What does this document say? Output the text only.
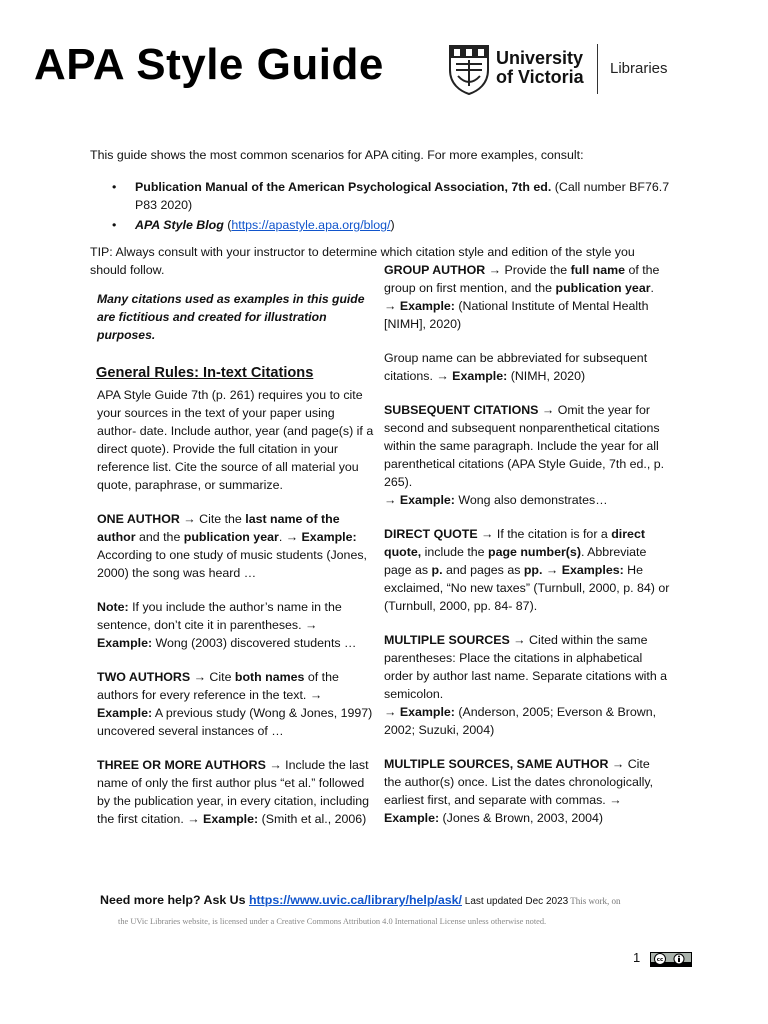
APA Style Guide	University
of Victoria Libraries
This guide shows the most common scenarios for APA citing. For more examples, consult:
• Publication Manual of the American Psychological Association, 7th ed. (Call number BF76.7 P83 2020)
• APA Style Blog (https://apastyle.apa.org/blog/)
TIP: Always consult with your instructor to determine which citation style and edition of the style you should follow.
Many citations used as examples in this guide are fictitious and created for illustration purposes.
General Rules: In-text Citations

APA Style Guide 7th (p. 261) requires you to cite your sources in the text of your paper using author- date. Include author, year (and page(s) if a direct quote). Provide the full citation in your reference list. Cite the source of all material you quote, paraphrase, or summarize.

ONE AUTHOR → Cite the last name of the author and the publication year. → Example: According to one study of music students (Jones, 2000) the song was heard …

Note: If you include the author’s name in the sentence, don’t cite it in parentheses. → Example: Wong (2003) discovered students …

TWO AUTHORS → Cite both names of the authors for every reference in the text. → Example: A previous study (Wong & Jones, 1997) uncovered several instances of …

THREE OR MORE AUTHORS → Include the last name of only the first author plus “et al.” followed by the publication year, in every citation, including the first citation. → Example: (Smith et al., 2006)

GROUP AUTHOR → Provide the full name of the group on first mention, and the publication year.
→ Example: (National Institute of Mental Health [NIMH], 2020)

Group name can be abbreviated for subsequent citations. → Example: (NIMH, 2020)

SUBSEQUENT CITATIONS → Omit the year for second and subsequent nonparenthetical citations within the same paragraph. Include the year for all parenthetical citations (APA Style Guide, 7th ed., p. 265).
→ Example: Wong also demonstrates…

DIRECT QUOTE → If the citation is for a direct quote, include the page number(s). Abbreviate page as p. and pages as pp. → Examples: He exclaimed, “No new taxes” (Turnbull, 2000, p. 84) or (Turnbull, 2000, pp. 84- 87).

MULTIPLE SOURCES → Cited within the same parentheses: Place the citations in alphabetical order by author last name. Separate citations with a semicolon.
→ Example: (Anderson, 2005; Everson & Brown, 2002; Suzuki, 2004)

MULTIPLE SOURCES, SAME AUTHOR → Cite the author(s) once. List the dates chronologically, earliest first, and separate with commas. → Example: (Jones & Brown, 2003, 2004)

Need more help? Ask Us https://www.uvic.ca/library/help/ask/ Last updated Dec 2023 This work, on
the UVic Libraries website, is licensed under a Creative Commons Attribution 4.0 International License unless otherwise noted.
1	cc
